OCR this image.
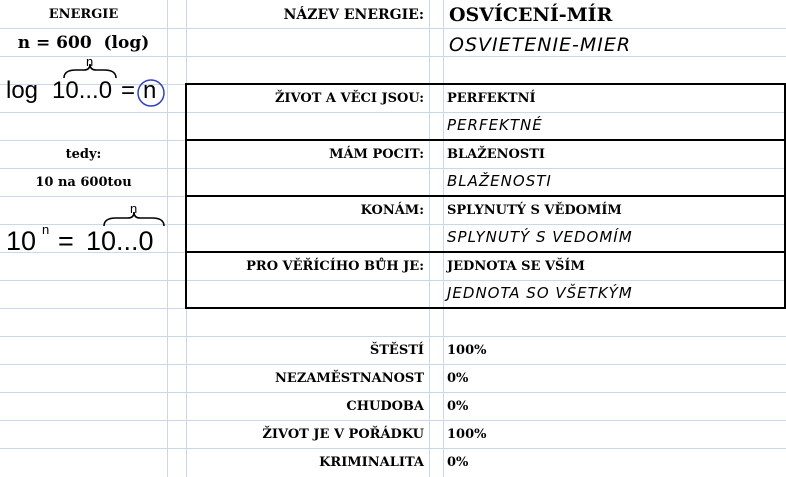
ENERGIE
n = 600  (log)
n
log 10...0 = n
tedy:
10 na 600tou
n
10 n = 10...0
NÁZEV ENERGIE: OSVÍCENÍ-MÍR
OSVIETENIE-MIER
ŽIVOT A VĚCI JSOU: PERFEKTNÍ
PERFEKTNÉ
MÁM POCIT: BLAŽENOSTI
BLAŽENOSTI
KONÁM: SPLYNUTÝ S VĚDOMÍM
SPLYNUTÝ S VEDOMÍM
PRO VĚŘÍCÍHO BŮH JE: JEDNOTA SE VŠÍM
JEDNOTA SO VŠETKÝM
ŠTĚSTÍ 100%
NEZAMĚSTNANOST 0%
CHUDOBA 0%
ŽIVOT JE V POŘÁDKU 100%
KRIMINALITA 0%
